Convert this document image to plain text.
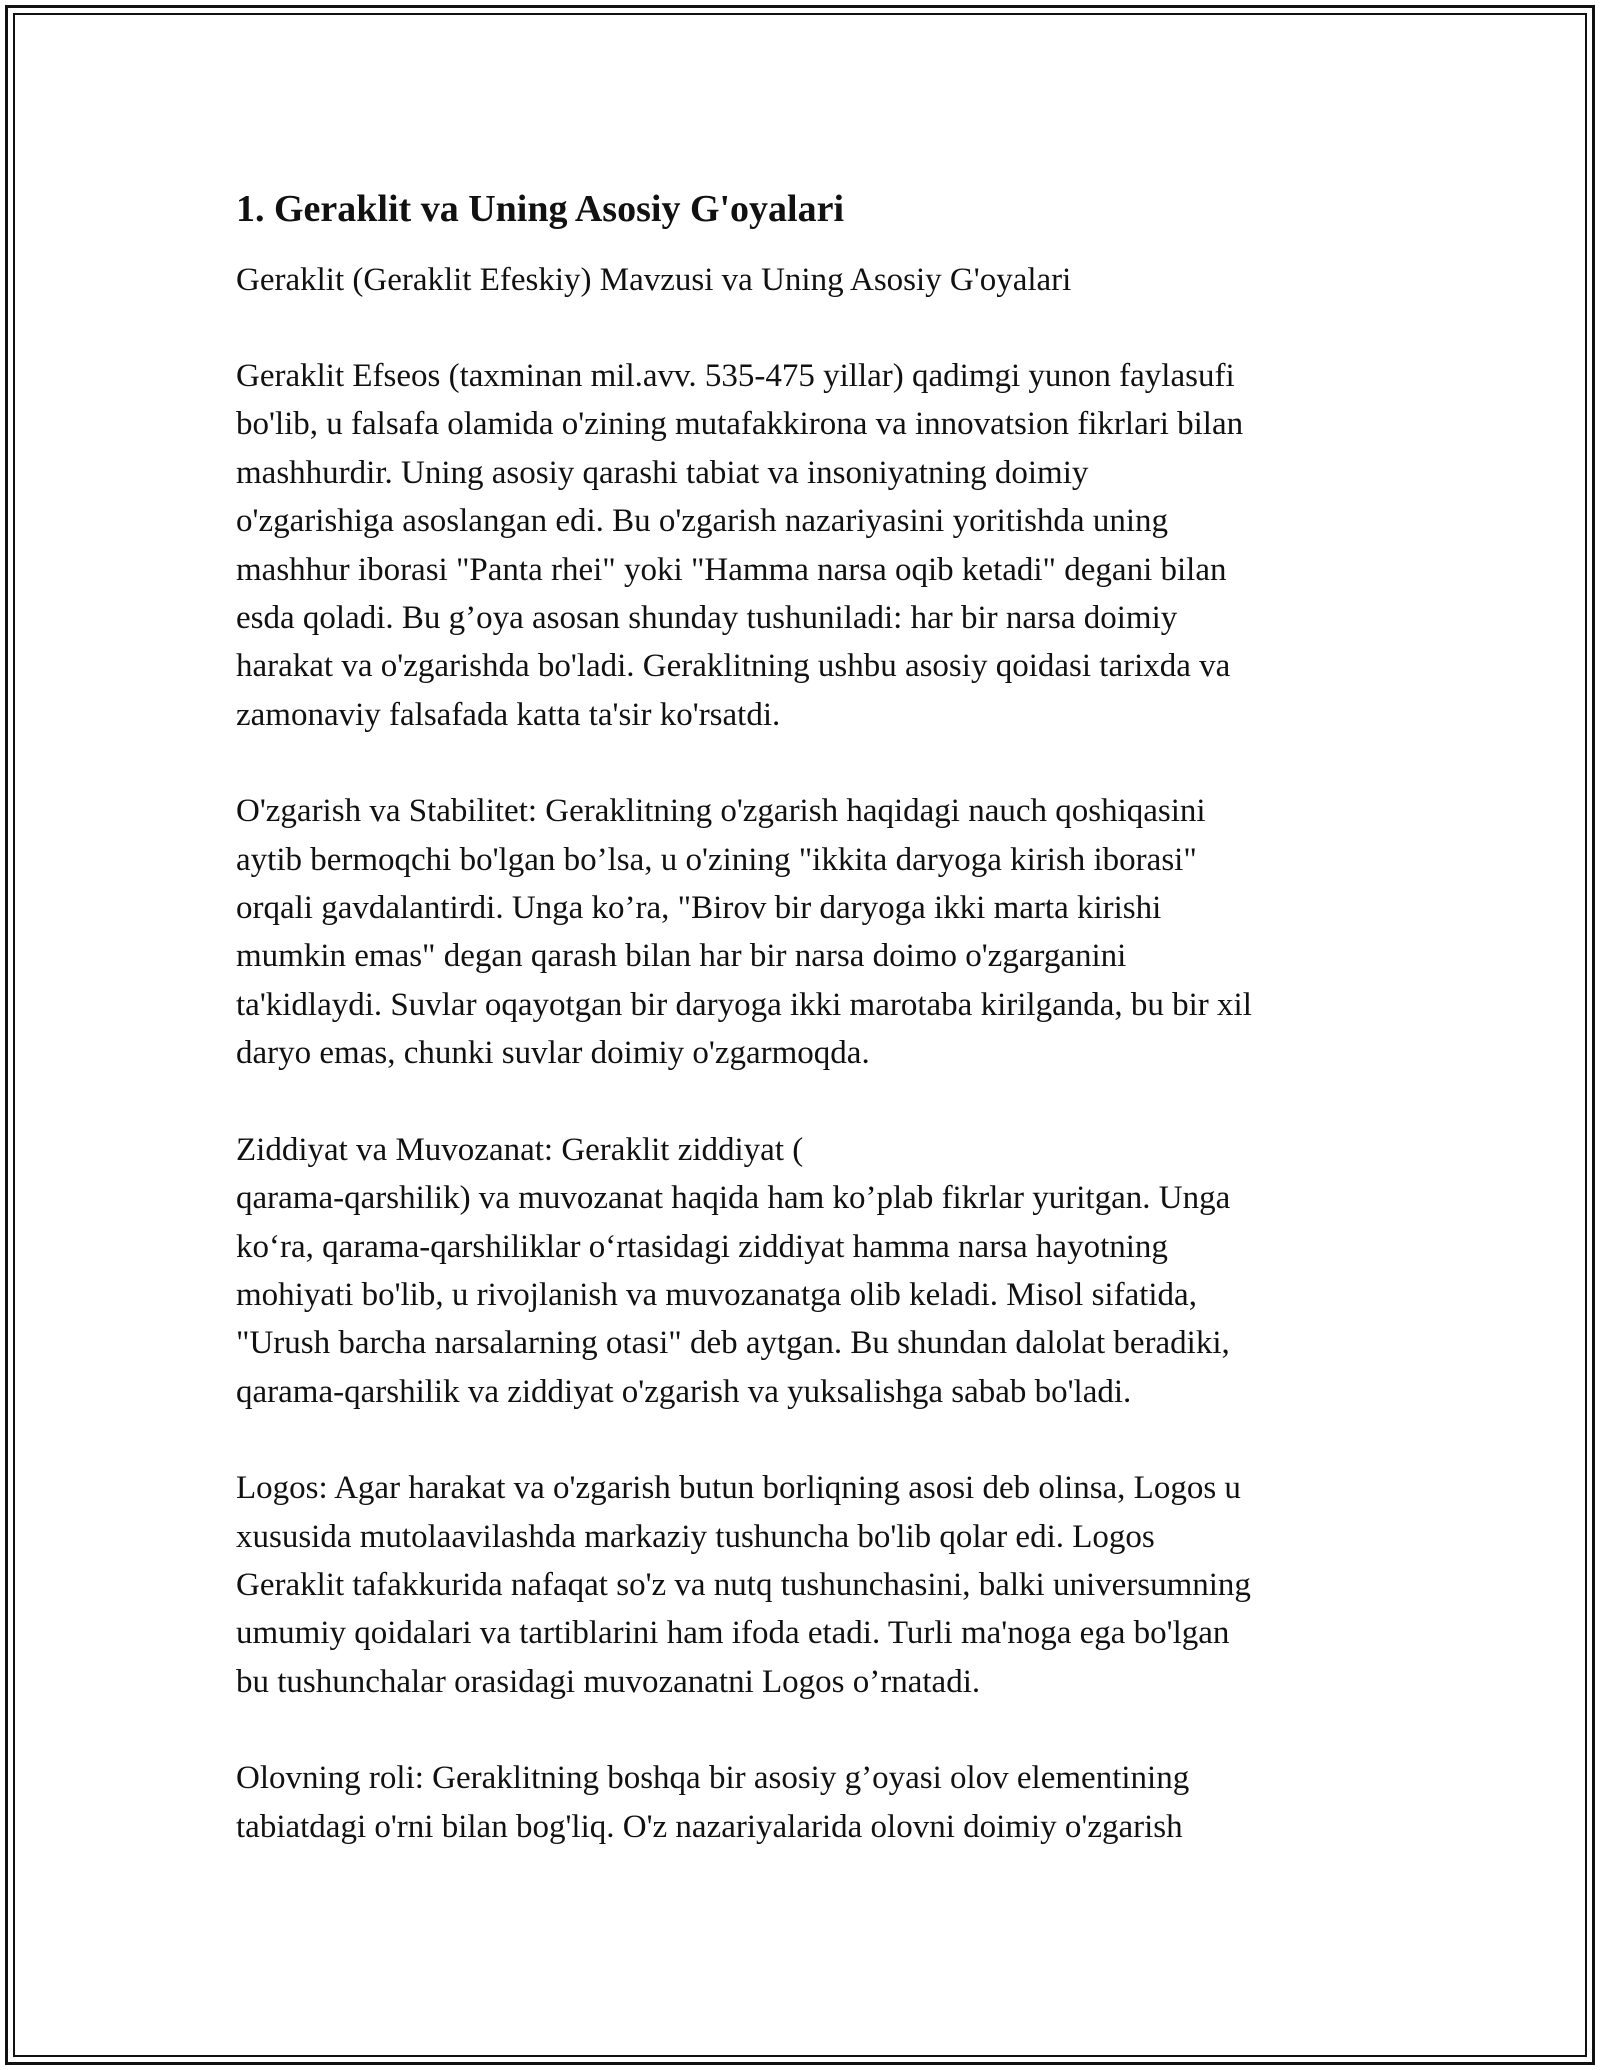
1. Geraklit va Uning Asosiy G'oyalari
Geraklit (Geraklit Efeskiy) Mavzusi va Uning Asosiy G'oyalari

Geraklit Efseos (taxminan mil.avv. 535-475 yillar) qadimgi yunon faylasufi
bo'lib, u falsafa olamida o'zining mutafakkirona va innovatsion fikrlari bilan
mashhurdir. Uning asosiy qarashi tabiat va insoniyatning doimiy
o'zgarishiga asoslangan edi. Bu o'zgarish nazariyasini yoritishda uning
mashhur iborasi "Panta rhei" yoki "Hamma narsa oqib ketadi" degani bilan
esda qoladi. Bu g’oya asosan shunday tushuniladi: har bir narsa doimiy
harakat va o'zgarishda bo'ladi. Geraklitning ushbu asosiy qoidasi tarixda va
zamonaviy falsafada katta ta'sir ko'rsatdi.

O'zgarish va Stabilitet: Geraklitning o'zgarish haqidagi nauch qoshiqasini
aytib bermoqchi bo'lgan bo’lsa, u o'zining "ikkita daryoga kirish iborasi"
orqali gavdalantirdi. Unga ko’ra, "Birov bir daryoga ikki marta kirishi
mumkin emas" degan qarash bilan har bir narsa doimo o'zgarganini
ta'kidlaydi. Suvlar oqayotgan bir daryoga ikki marotaba kirilganda, bu bir xil
daryo emas, chunki suvlar doimiy o'zgarmoqda.

Ziddiyat va Muvozanat: Geraklit ziddiyat (
qarama-qarshilik) va muvozanat haqida ham ko’plab fikrlar yuritgan. Unga
ko‘ra, qarama-qarshiliklar o‘rtasidagi ziddiyat hamma narsa hayotning
mohiyati bo'lib, u rivojlanish va muvozanatga olib keladi. Misol sifatida,
"Urush barcha narsalarning otasi" deb aytgan. Bu shundan dalolat beradiki,
qarama-qarshilik va ziddiyat o'zgarish va yuksalishga sabab bo'ladi.

Logos: Agar harakat va o'zgarish butun borliqning asosi deb olinsa, Logos u
xususida mutolaavilashda markaziy tushuncha bo'lib qolar edi. Logos
Geraklit tafakkurida nafaqat so'z va nutq tushunchasini, balki universumning
umumiy qoidalari va tartiblarini ham ifoda etadi. Turli ma'noga ega bo'lgan
bu tushunchalar orasidagi muvozanatni Logos o’rnatadi.

Olovning roli: Geraklitning boshqa bir asosiy g’oyasi olov elementining
tabiatdagi o'rni bilan bog'liq. O'z nazariyalarida olovni doimiy o'zgarish
